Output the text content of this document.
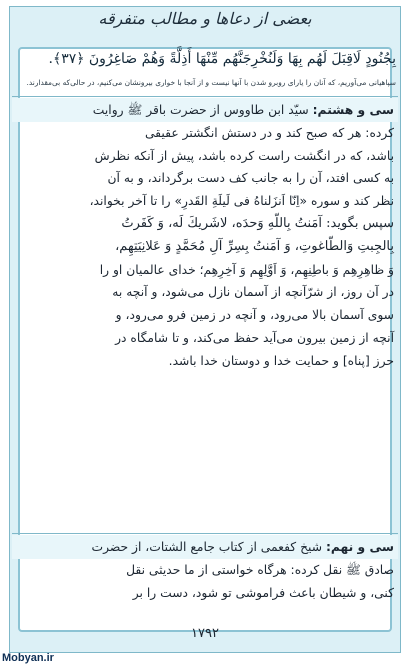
بعضی از دعاها و مطالب متفرقه
بِجُنُودٍ لَاقِبَلَ لَهُم بِهَا وَلَنُخْرِجَنَّهُم مِّنْهَا أَذِلَّةً وَهُمْ صَاغِرُونَ ﴿۳۷﴾.
سپاهیانی می‌آوریم، که آنان را یارای روبرو شدن با آنها نیست و از آنجا با خواری بیرونشان می‌کنیم، در حالی‌که بی‌مقدارند.
سی و هشتم: سیّد ابن طاووس از حضرت باقر ﷺ روایت
کرده: هر که صبح کند و در دستش انگشتر عقیقی
باشد، که در انگشت راست کرده باشد، پیش از آنکه نظرش
به کسی افتد، آن را به جانب کف دست برگرداند، و به آن
نظر کند و سوره «اِنّا اَنزَلناهُ فی لَیلَةِ القَدرِ» را تا آخر بخواند،
سپس بگوید: آمَنتُ بِاللّهِ وَحدَه، لاشَریكَ لَه، وَ كَفَرتُ
بِالجِبتِ وَالطّاغوتِ، وَ آمَنتُ بِسِرِّ آلِ مُحَمَّدٍ وَ عَلانِيَتِهِم،
وَ ظاهِرِهِم وَ باطِنِهِم، وَ اَوَّلِهِم وَ آخِرِهِم؛ خدای عالمیان او را
در آن روز، از شرّآنچه از آسمان نازل می‌شود، و آنچه به
سوی آسمان بالا می‌رود، و آنچه در زمین فرو می‌رود، و
آنچه از زمین بیرون می‌آید حفظ می‌کند، و تا شامگاه در
حرز [پناه] و حمایت خدا و دوستان خدا باشد.
سی و نهم: شیخ کفعمی از کتاب جامع الشتات، از حضرت
صادق ﷺ نقل کرده: هرگاه خواستی از ما حدیثی نقل
کنی، و شیطان باعث فراموشی تو شود، دست را بر
۱۷۹۲
Mobyan.ir
